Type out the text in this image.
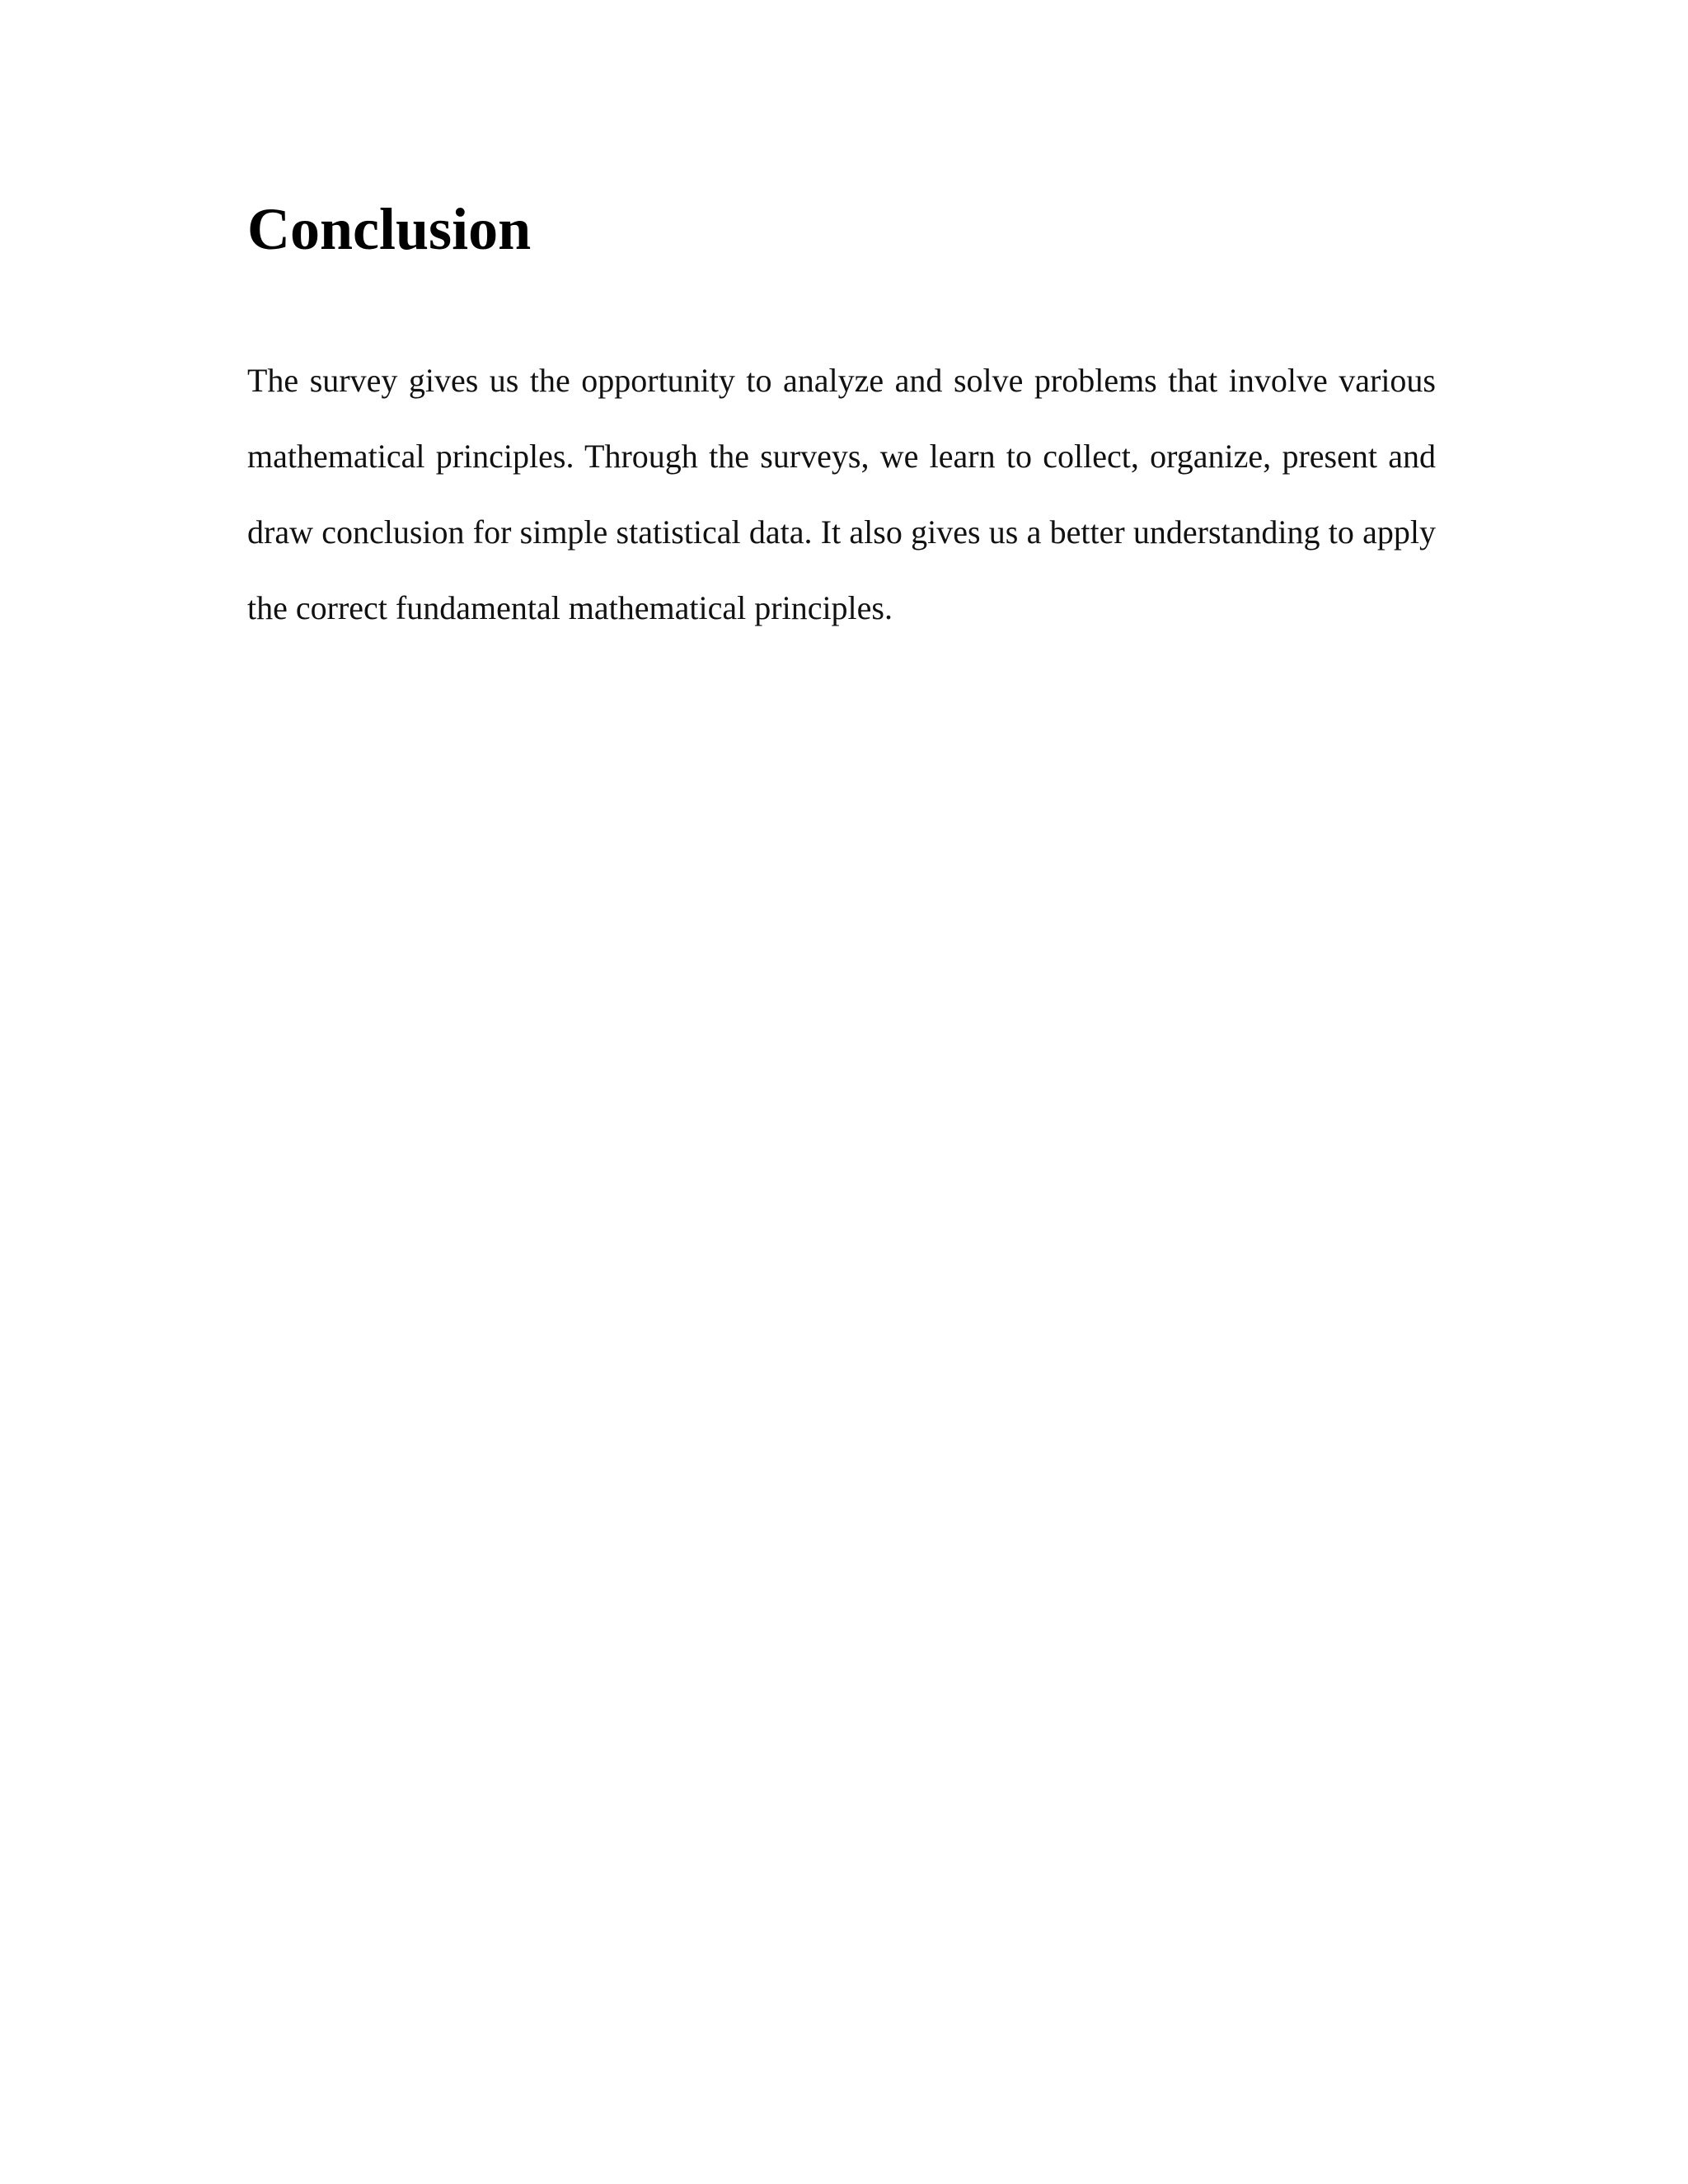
Conclusion

The survey gives us the opportunity to analyze and solve problems that involve various mathematical principles. Through the surveys, we learn to collect, organize, present and draw conclusion for simple statistical data. It also gives us a better understanding to apply the correct fundamental mathematical principles.
